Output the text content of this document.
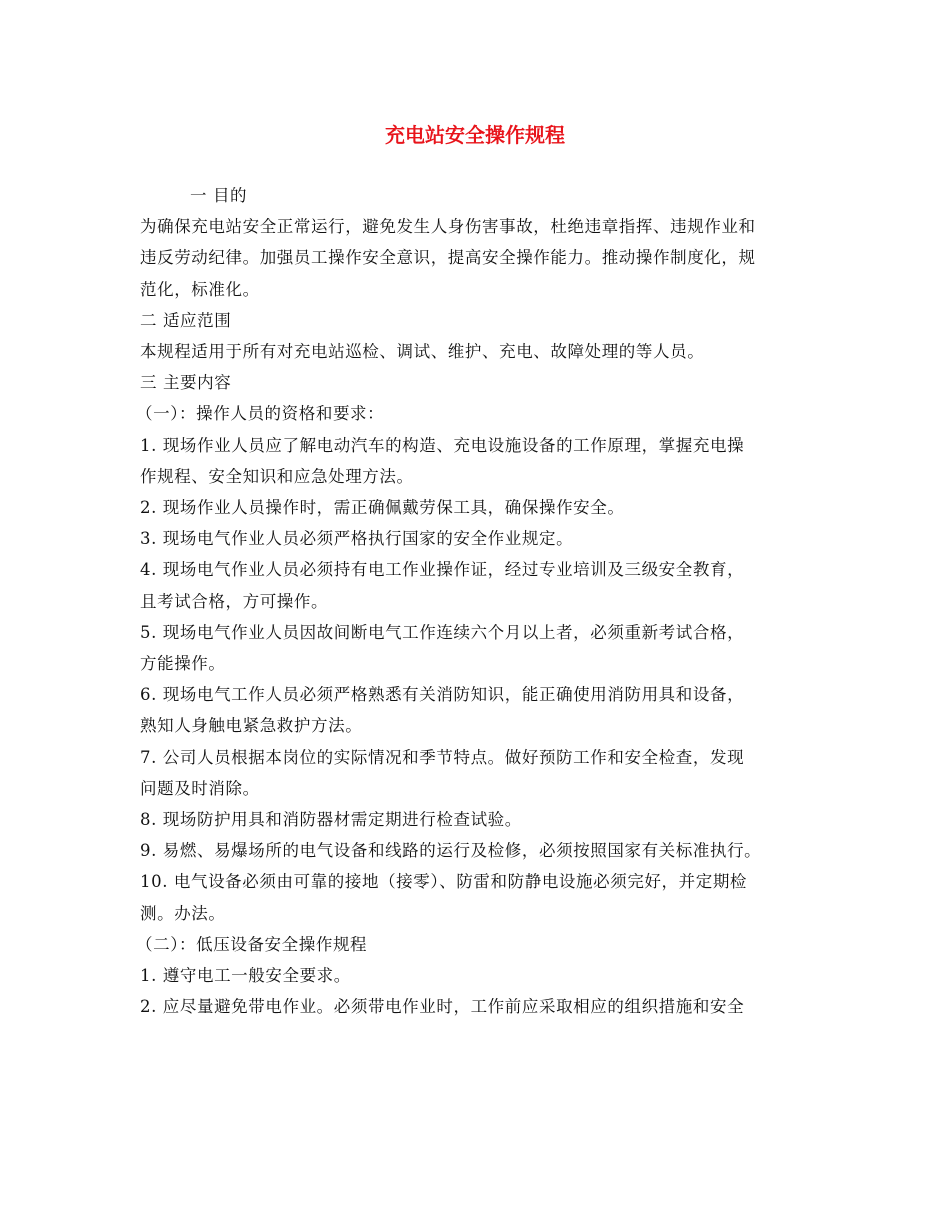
充电站安全操作规程

一 目的

为确保充电站安全正常运行，避免发生人身伤害事故，杜绝违章指挥、违规作业和

违反劳动纪律。加强员工操作安全意识，提高安全操作能力。推动操作制度化，规

范化，标准化。

二 适应范围

本规程适用于所有对充电站巡检、调试、维护、充电、故障处理的等人员。

三 主要内容

（一）：操作人员的资格和要求：

1. 现场作业人员应了解电动汽车的构造、充电设施设备的工作原理，掌握充电操

作规程、安全知识和应急处理方法。

2. 现场作业人员操作时，需正确佩戴劳保工具，确保操作安全。

3. 现场电气作业人员必须严格执行国家的安全作业规定。

4. 现场电气作业人员必须持有电工作业操作证，经过专业培训及三级安全教育，

且考试合格，方可操作。

5. 现场电气作业人员因故间断电气工作连续六个月以上者，必须重新考试合格，

方能操作。

6. 现场电气工作人员必须严格熟悉有关消防知识，能正确使用消防用具和设备，

熟知人身触电紧急救护方法。

7. 公司人员根据本岗位的实际情况和季节特点。做好预防工作和安全检查，发现

问题及时消除。

8. 现场防护用具和消防器材需定期进行检查试验。

9. 易燃、易爆场所的电气设备和线路的运行及检修，必须按照国家有关标准执行。

10. 电气设备必须由可靠的接地（接零）、防雷和防静电设施必须完好，并定期检

测。办法。

（二）：低压设备安全操作规程

1. 遵守电工一般安全要求。

2. 应尽量避免带电作业。必须带电作业时，工作前应采取相应的组织措施和安全
